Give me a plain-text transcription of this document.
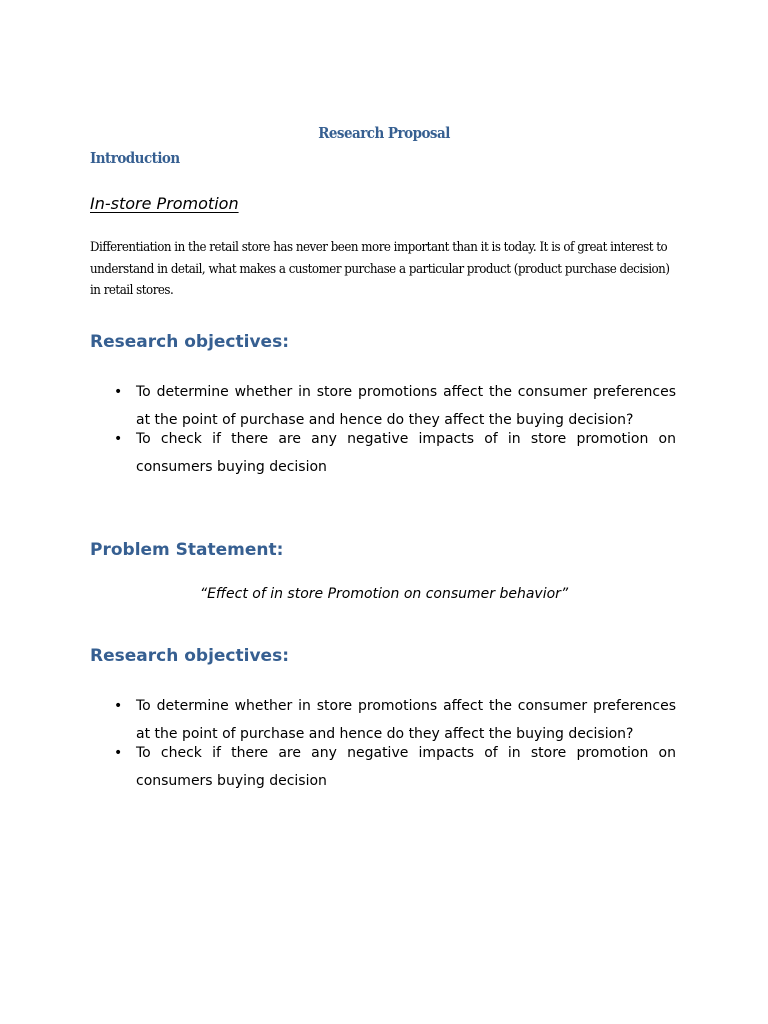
Research Proposal
Introduction
In-store Promotion
Differentiation in the retail store has never been more important than it is today. It is of great interest to understand in detail, what makes a customer purchase a particular product (product purchase decision) in retail stores.
Research objectives:
• To determine whether in store promotions affect the consumer preferences at the point of purchase and hence do they affect the buying decision?
• To check if there are any negative impacts of in store promotion on consumers buying decision
Problem Statement:
“Effect of in store Promotion on consumer behavior”
Research objectives:
• To determine whether in store promotions affect the consumer preferences at the point of purchase and hence do they affect the buying decision?
• To check if there are any negative impacts of in store promotion on consumers buying decision
